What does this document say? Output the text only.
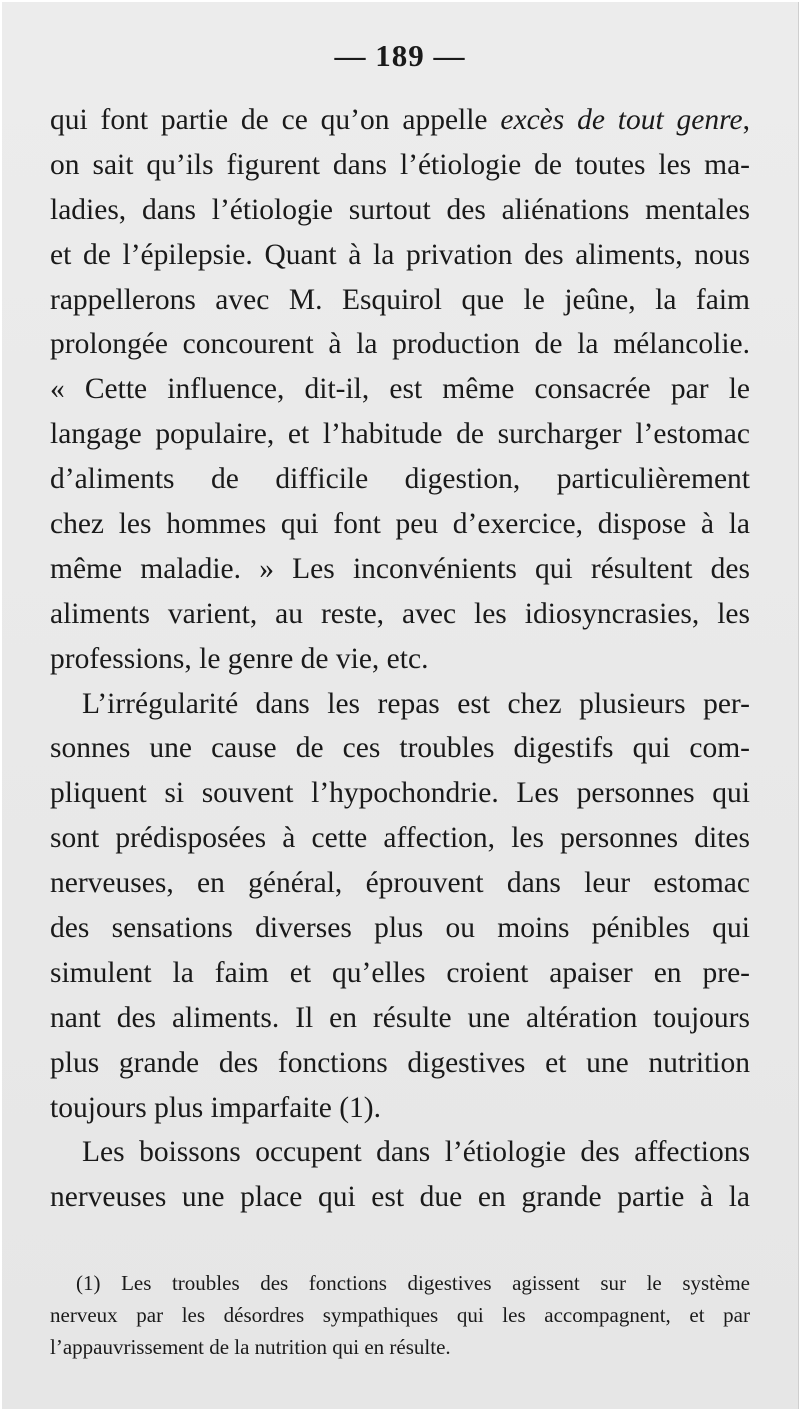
— 189 —
qui font partie de ce qu’on appelle excès de tout genre,
on sait qu’ils figurent dans l’étiologie de toutes les ma-
ladies, dans l’étiologie surtout des aliénations mentales
et de l’épilepsie. Quant à la privation des aliments, nous
rappellerons avec M. Esquirol que le jeûne, la faim
prolongée concourent à la production de la mélancolie.
« Cette influence, dit-il, est même consacrée par le
langage populaire, et l’habitude de surcharger l’estomac
d’aliments de difficile digestion, particulièrement
chez les hommes qui font peu d’exercice, dispose à la
même maladie. » Les inconvénients qui résultent des
aliments varient, au reste, avec les idiosyncrasies, les
professions, le genre de vie, etc.
L’irrégularité dans les repas est chez plusieurs per-
sonnes une cause de ces troubles digestifs qui com-
pliquent si souvent l’hypochondrie. Les personnes qui
sont prédisposées à cette affection, les personnes dites
nerveuses, en général, éprouvent dans leur estomac
des sensations diverses plus ou moins pénibles qui
simulent la faim et qu’elles croient apaiser en pre-
nant des aliments. Il en résulte une altération toujours
plus grande des fonctions digestives et une nutrition
toujours plus imparfaite (1).
Les boissons occupent dans l’étiologie des affections
nerveuses une place qui est due en grande partie à la
(1) Les troubles des fonctions digestives agissent sur le système
nerveux par les désordres sympathiques qui les accompagnent, et par
l’appauvrissement de la nutrition qui en résulte.
